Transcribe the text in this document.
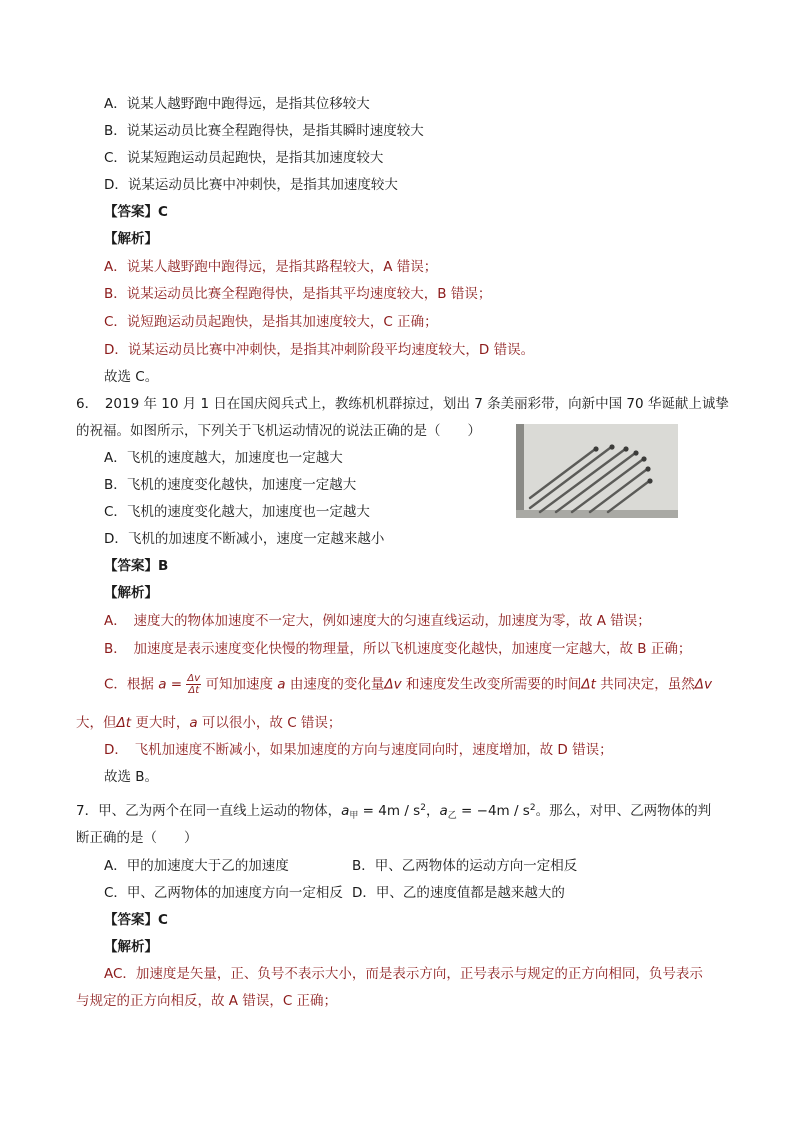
A．说某人越野跑中跑得远，是指其位移较大
B．说某运动员比赛全程跑得快，是指其瞬时速度较大
C．说某短跑运动员起跑快，是指其加速度较大
D．说某运动员比赛中冲刺快，是指其加速度较大
【答案】C
【解析】
A．说某人越野跑中跑得远，是指其路程较大，A 错误；
B．说某运动员比赛全程跑得快，是指其平均速度较大，B 错误；
C．说短跑运动员起跑快，是指其加速度较大，C 正确；
D．说某运动员比赛中冲刺快，是指其冲刺阶段平均速度较大，D 错误。
故选 C。
6．　2019 年 10 月 1 日在国庆阅兵式上，教练机机群掠过，划出 7 条美丽彩带，向新中国 70 华诞献上诚挚
的祝福。如图所示，下列关于飞机运动情况的说法正确的是（　　）
A．飞机的速度越大，加速度也一定越大
B．飞机的速度变化越快，加速度一定越大
C．飞机的速度变化越大，加速度也一定越大
D．飞机的加速度不断减小，速度一定越来越小
【答案】B
【解析】
A．　速度大的物体加速度不一定大，例如速度大的匀速直线运动，加速度为零，故 A 错误；
B．　加速度是表示速度变化快慢的物理量，所以飞机速度变化越快，加速度一定越大，故 B 正确；
C．根据 $a = \frac{\Delta v}{\Delta t}$ 可知加速度 a 由速度的变化量Δv 和速度发生改变所需要的时间Δt 共同决定，虽然Δv
大，但Δt 更大时，a 可以很小，故 C 错误；
D．　飞机加速度不断减小，如果加速度的方向与速度同向时，速度增加，故 D 错误；
故选 B。
7．甲、乙为两个在同一直线上运动的物体，$a_甲 = 4m / s^2$，$a_乙 = -4m / s^2$。那么，对甲、乙两物体的判
断正确的是（　　）
A．甲的加速度大于乙的加速度	B．甲、乙两物体的运动方向一定相反
C．甲、乙两物体的加速度方向一定相反 D．甲、乙的速度值都是越来越大的
【答案】C
【解析】
AC．加速度是矢量，正、负号不表示大小，而是表示方向，正号表示与规定的正方向相同，负号表示
与规定的正方向相反，故 A 错误，C 正确；
